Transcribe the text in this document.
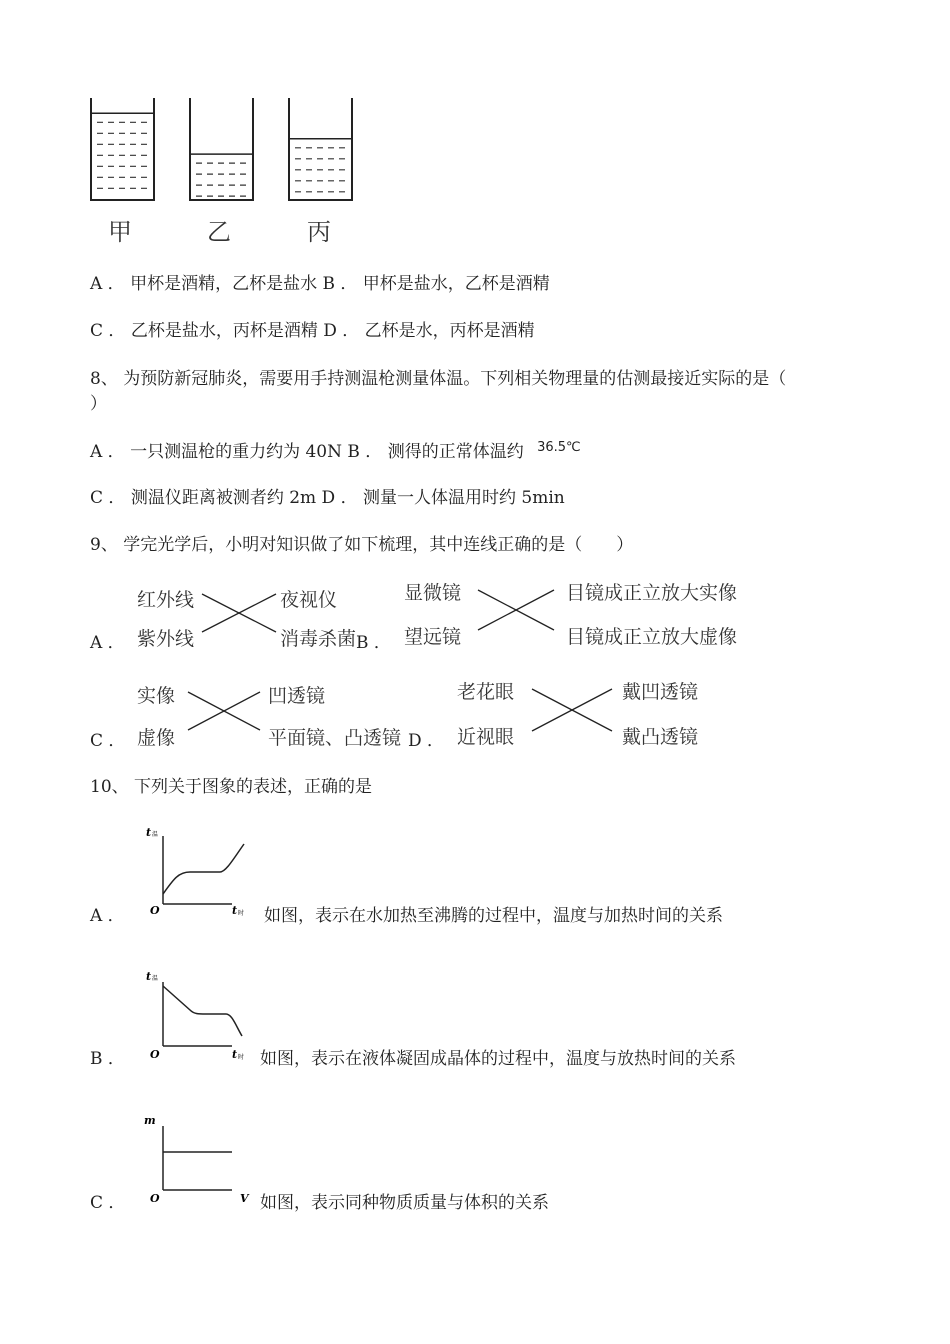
甲	乙	丙
A ． 甲杯是酒精，乙杯是盐水 B ． 甲杯是盐水，乙杯是酒精
C ． 乙杯是盐水，丙杯是酒精 D ． 乙杯是水，丙杯是酒精
8、 为预防新冠肺炎，需要用手持测温枪测量体温。下列相关物理量的估测最接近实际的是（
）
A ． 一只测温枪的重力约为 40N B ． 测得的正常体温约 $^{36.5℃}$
C ． 测温仪距离被测者约 2m D ． 测量一人体温用时约 5min
9、 学完光学后，小明对知识做了如下梳理，其中连线正确的是（　　）
A ．
红外线
紫外线
夜视仪
消毒杀菌 B ．
显微镜
望远镜
目镜成正立放大实像
目镜成正立放大虚像
C ．
实像
虚像
凹透镜
平面镜、凸透镜 D ．
老花眼
近视眼
戴凹透镜
戴凸透镜
10、 下列关于图象的表述，正确的是
A ．
t 温
O	t 时 如图，表示在水加热至沸腾的过程中，温度与加热时间的关系
B ．
t 温
O	t 时 如图，表示在液体凝固成晶体的过程中，温度与放热时间的关系
C ．
m
O	V 如图，表示同种物质质量与体积的关系
